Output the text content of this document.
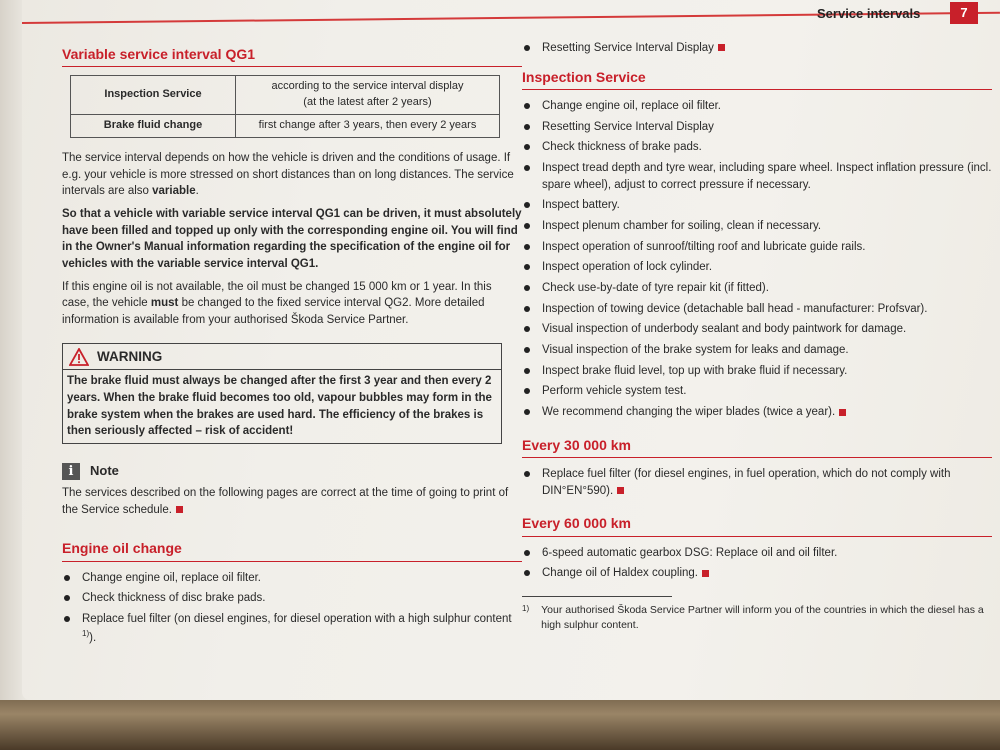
Service intervals	7
Variable service interval QG1
Inspection Service	according to the service interval display
(at the latest after 2 years)
Brake fluid change	first change after 3 years, then every 2 years

The service interval depends on how the vehicle is driven and the conditions of usage. If e.g. your vehicle is more stressed on short distances than on long distances. The service intervals are also variable.

So that a vehicle with variable service interval QG1 can be driven, it must absolutely have been filled and topped up only with the corresponding engine oil. You will find in the Owner's Manual information regarding the specification of the engine oil for vehicles with the variable service interval QG1.

If this engine oil is not available, the oil must be changed 15 000 km or 1 year. In this case, the vehicle must be changed to the fixed service interval QG2. More detailed information is available from your authorised Škoda Service Partner.

WARNING
The brake fluid must always be changed after the first 3 year and then every 2 years. When the brake fluid becomes too old, vapour bubbles may form in the brake system when the brakes are used hard. The efficiency of the brakes is then seriously affected – risk of accident!
i	Note

The services described on the following pages are correct at the time of going to print of the Service schedule.

Engine oil change
Change engine oil, replace oil filter.
Check thickness of disc brake pads.
Replace fuel filter (on diesel engines, for diesel operation with a high sulphur content $^{1)}$).
Resetting Service Interval Display
Inspection Service
Change engine oil, replace oil filter.
Resetting Service Interval Display
Check thickness of brake pads.
Inspect tread depth and tyre wear, including spare wheel. Inspect inflation pressure (incl. spare wheel), adjust to correct pressure if necessary.
Inspect battery.
Inspect plenum chamber for soiling, clean if necessary.
Inspect operation of sunroof/tilting roof and lubricate guide rails.
Inspect operation of lock cylinder.
Check use-by-date of tyre repair kit (if fitted).
Inspection of towing device (detachable ball head - manufacturer: Profsvar).
Visual inspection of underbody sealant and body paintwork for damage.
Visual inspection of the brake system for leaks and damage.
Inspect brake fluid level, top up with brake fluid if necessary.
Perform vehicle system test.
We recommend changing the wiper blades (twice a year).
Every 30 000 km
Replace fuel filter (for diesel engines, in fuel operation, which do not comply with DIN°EN°590).
Every 60 000 km
6-speed automatic gearbox DSG: Replace oil and oil filter.
Change oil of Haldex coupling.
1) Your authorised Škoda Service Partner will inform you of the countries in which the diesel has a high sulphur content.
